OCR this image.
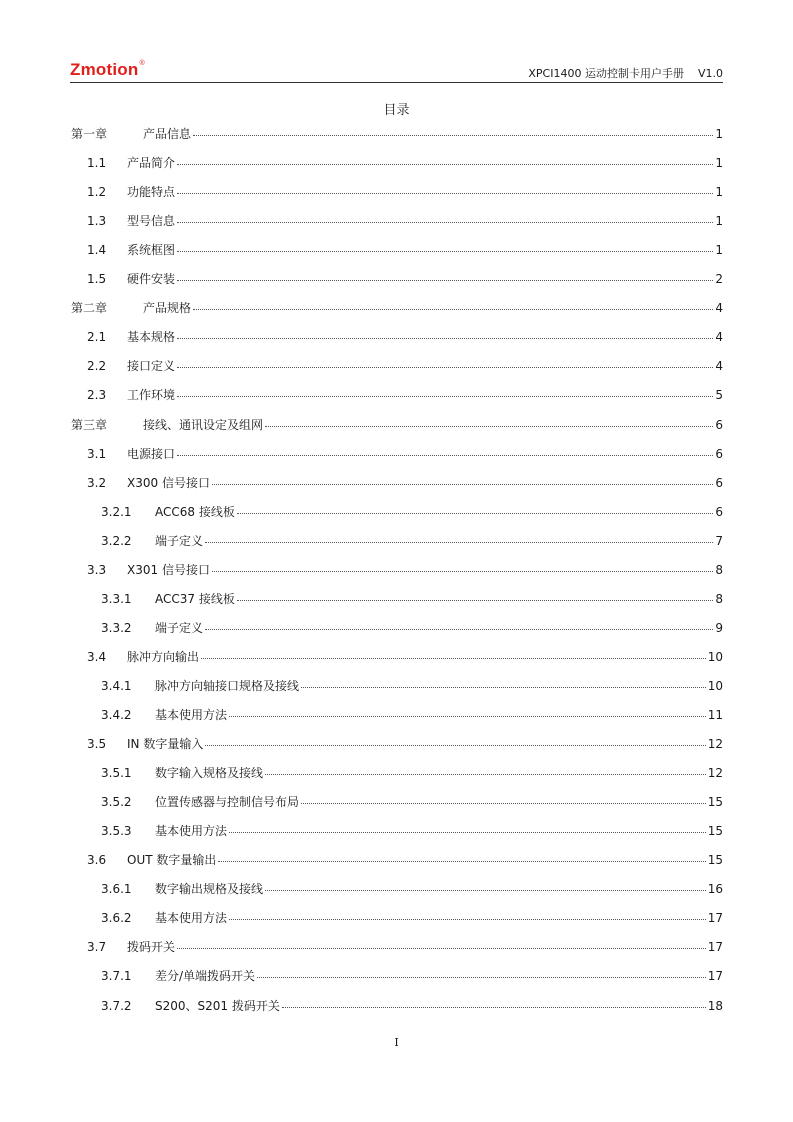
Zmotion®
XPCI1400 运动控制卡用户手册 V1.0
目录
第一章	产品信息	1
1.1	产品简介	1
1.2	功能特点	1
1.3	型号信息	1
1.4	系统框图	1
1.5	硬件安装	2
第二章	产品规格	4
2.1	基本规格	4
2.2	接口定义	4
2.3	工作环境	5
第三章	接线、通讯设定及组网	6
3.1	电源接口	6
3.2	X300 信号接口	6
3.2.1	ACC68 接线板	6
3.2.2	端子定义	7
3.3	X301 信号接口	8
3.3.1	ACC37 接线板	8
3.3.2	端子定义	9
3.4	脉冲方向输出	10
3.4.1	脉冲方向轴接口规格及接线	10
3.4.2	基本使用方法	11
3.5	IN 数字量输入	12
3.5.1	数字输入规格及接线	12
3.5.2	位置传感器与控制信号布局	15
3.5.3	基本使用方法	15
3.6	OUT 数字量输出	15
3.6.1	数字输出规格及接线	16
3.6.2	基本使用方法	17
3.7	拨码开关	17
3.7.1	差分/单端拨码开关	17
3.7.2	S200、S201 拨码开关	18
I
